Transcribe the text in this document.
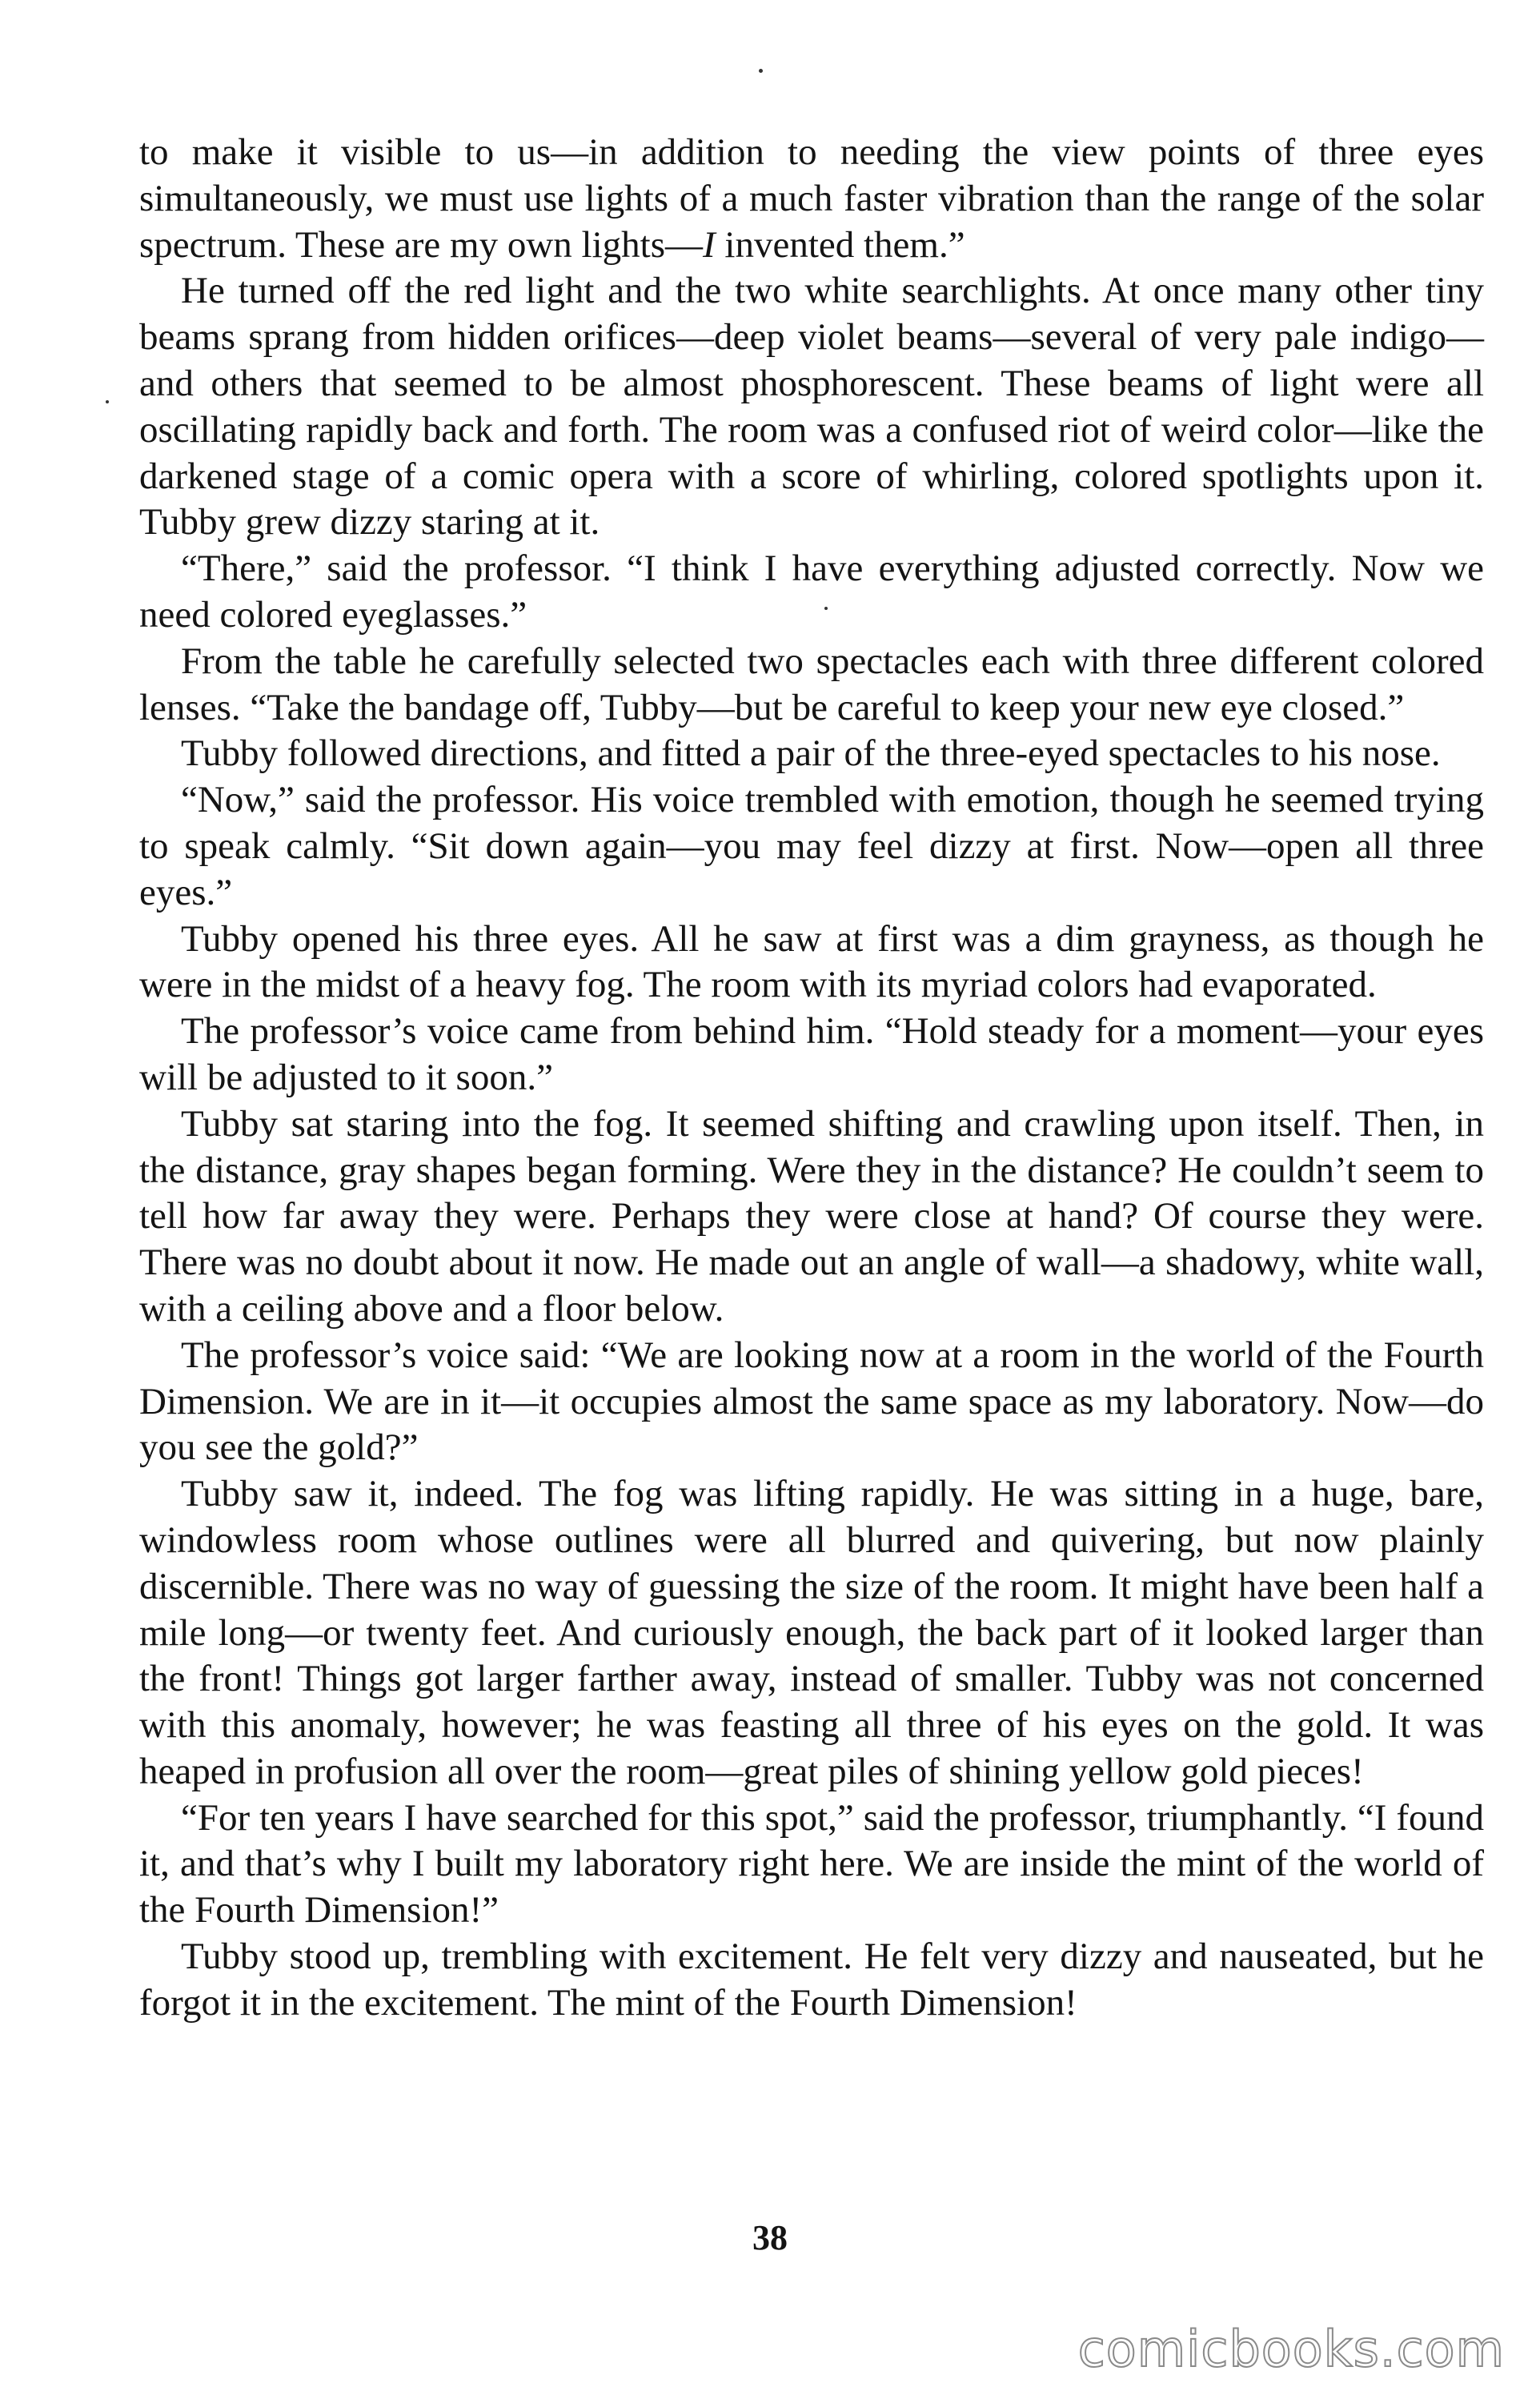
to make it visible to us—in addition to needing the view points of three eyes simultaneously, we must use lights of a much faster vibration than the range of the solar spectrum. These are my own lights—I invented them.”

He turned off the red light and the two white searchlights. At once many other tiny beams sprang from hidden orifices—deep violet beams—several of very pale indigo—and others that seemed to be almost phosphorescent. These beams of light were all oscillating rapidly back and forth. The room was a confused riot of weird color—like the darkened stage of a comic opera with a score of whirling, colored spotlights upon it. Tubby grew dizzy staring at it.

“There,” said the professor. “I think I have everything adjusted correctly. Now we need colored eyeglasses.”

From the table he carefully selected two spectacles each with three different colored lenses. “Take the bandage off, Tubby—but be careful to keep your new eye closed.”

Tubby followed directions, and fitted a pair of the three-eyed spectacles to his nose.

“Now,” said the professor. His voice trembled with emotion, though he seemed trying to speak calmly. “Sit down again—you may feel dizzy at first. Now—open all three eyes.”

Tubby opened his three eyes. All he saw at first was a dim grayness, as though he were in the midst of a heavy fog. The room with its myriad colors had evaporated.

The professor’s voice came from behind him. “Hold steady for a moment—your eyes will be adjusted to it soon.”

Tubby sat staring into the fog. It seemed shifting and crawling upon itself. Then, in the distance, gray shapes began forming. Were they in the distance? He couldn’t seem to tell how far away they were. Perhaps they were close at hand? Of course they were. There was no doubt about it now. He made out an angle of wall—a shadowy, white wall, with a ceiling above and a floor below.

The professor’s voice said: “We are looking now at a room in the world of the Fourth Dimension. We are in it—it occupies almost the same space as my laboratory. Now—do you see the gold?”

Tubby saw it, indeed. The fog was lifting rapidly. He was sitting in a huge, bare, windowless room whose outlines were all blurred and quivering, but now plainly discernible. There was no way of guessing the size of the room. It might have been half a mile long—or twenty feet. And curiously enough, the back part of it looked larger than the front! Things got larger farther away, instead of smaller. Tubby was not concerned with this anomaly, however; he was feasting all three of his eyes on the gold. It was heaped in profusion all over the room—great piles of shining yellow gold pieces!

“For ten years I have searched for this spot,” said the professor, triumphantly. “I found it, and that’s why I built my laboratory right here. We are inside the mint of the world of the Fourth Dimension!”

Tubby stood up, trembling with excitement. He felt very dizzy and nauseated, but he forgot it in the excitement. The mint of the Fourth Dimension!

38
comicbooks.com
